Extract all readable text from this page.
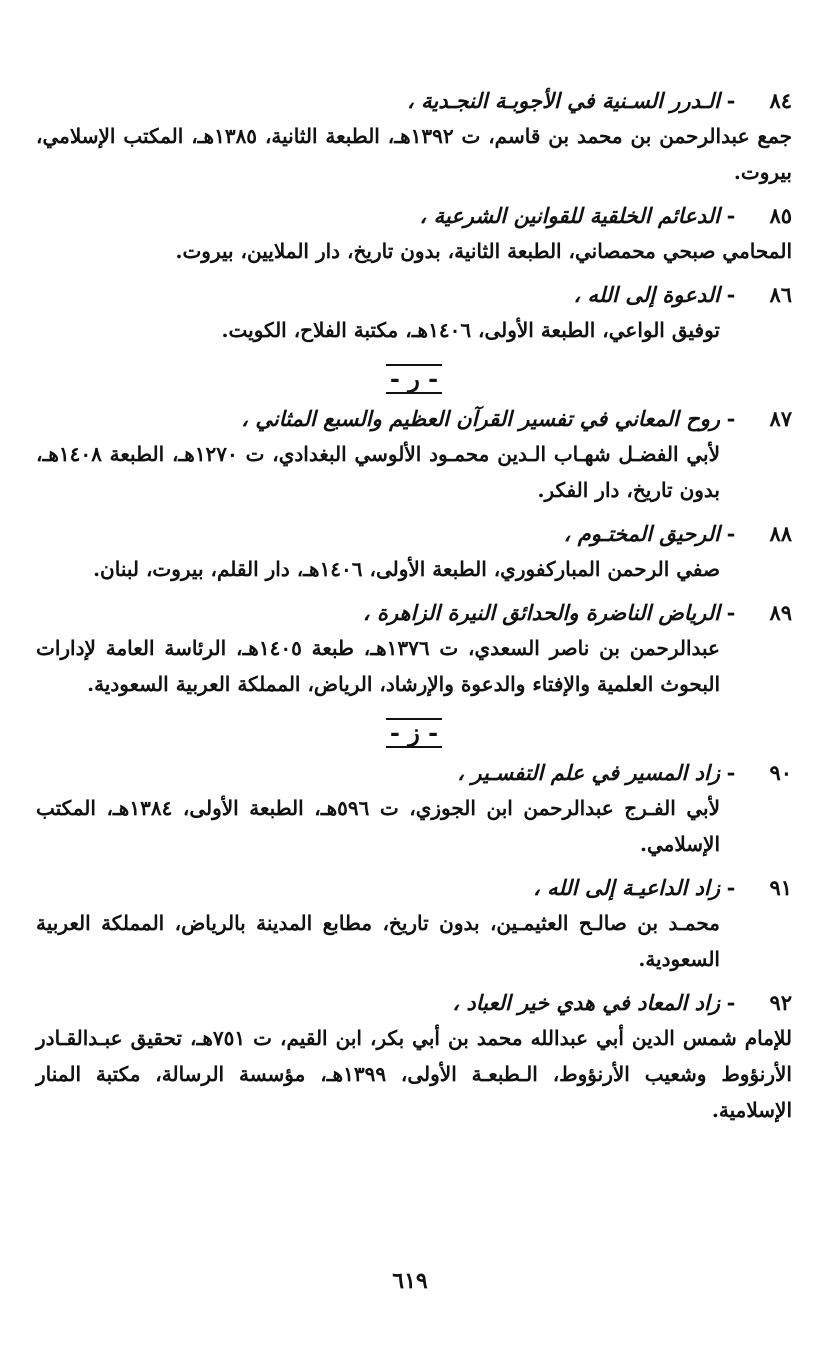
٨٤
-
الـدرر السـنية في الأجوبـة النجـدية ،
جمع عبدالرحمن بن محمد بن قاسم، ت ١٣٩٢هـ، الطبعة الثانية، ١٣٨٥هـ، المكتب الإسلامي، بيروت.
٨٥
-
الدعائم الخلقية للقوانين الشرعية ،
المحامي صبحي محمصاني، الطبعة الثانية، بدون تاريخ، دار الملايين، بيروت.
٨٦
-
الدعوة إلى الله ،
توفيق الواعي، الطبعة الأولى، ١٤٠٦هـ، مكتبة الفلاح، الكويت.
- ر -
٨٧
-
روح المعاني في تفسير القرآن العظيم والسبع المثاني ،
لأبي الفضـل شهـاب الـدين محمـود الألوسي البغدادي، ت ١٢٧٠هـ، الطبعة ١٤٠٨هـ، بدون تاريخ، دار الفكر.
٨٨
-
الرحيق المختـوم ،
صفي الرحمن المباركفوري، الطبعة الأولى، ١٤٠٦هـ، دار القلم، بيروت، لبنان.
٨٩
-
الرياض الناضرة والحدائق النيرة الزاهرة ،
عبدالرحمن بن ناصر السعدي، ت ١٣٧٦هـ، طبعة ١٤٠٥هـ، الرئاسة العامة لإدارات البحوث العلمية والإفتاء والدعوة والإرشاد، الرياض، المملكة العربية السعودية.
- ز -
٩٠
-
زاد المسير في علم التفسـير ،
لأبي الفـرج عبدالرحمن ابن الجوزي، ت ٥٩٦هـ، الطبعة الأولى، ١٣٨٤هـ، المكتب الإسلامي.
٩١
-
زاد الداعيـة إلى الله ،
محمـد بن صالـح العثيمـين، بدون تاريخ، مطابع المدينة بالرياض، المملكة العربية السعودية.
٩٢
-
زاد المعاد في هدي خير العباد ،
للإمام شمس الدين أبي عبدالله محمد بن أبي بكر، ابن القيم، ت ٧٥١هـ، تحقيق عبـدالقـادر الأرنؤوط وشعيب الأرنؤوط، الـطبعـة الأولى، ١٣٩٩هـ، مؤسسة الرسالة، مكتبة المنار الإسلامية.
٦١٩
